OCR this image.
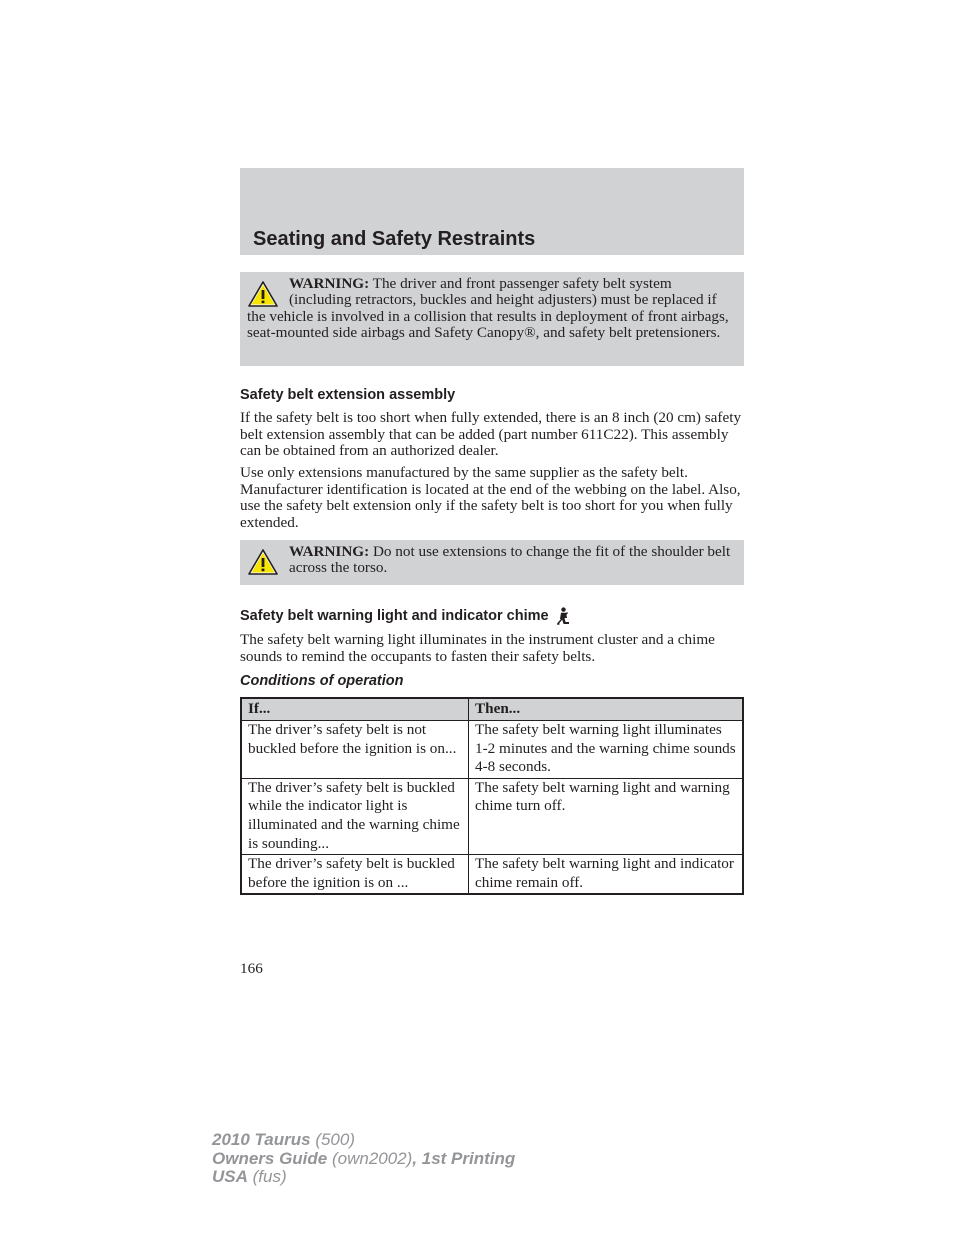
Seating and Safety Restraints
WARNING: The driver and front passenger safety belt system (including retractors, buckles and height adjusters) must be replaced if the vehicle is involved in a collision that results in deployment of front airbags, seat-mounted side airbags and Safety Canopy®, and safety belt pretensioners.
Safety belt extension assembly

If the safety belt is too short when fully extended, there is an 8 inch (20 cm) safety belt extension assembly that can be added (part number 611C22). This assembly can be obtained from an authorized dealer.

Use only extensions manufactured by the same supplier as the safety belt. Manufacturer identification is located at the end of the webbing on the label. Also, use the safety belt extension only if the safety belt is too short for you when fully extended.

WARNING: Do not use extensions to change the fit of the shoulder belt across the torso.
Safety belt warning light and indicator chime

The safety belt warning light illuminates in the instrument cluster and a chime sounds to remind the occupants to fasten their safety belts.

Conditions of operation
If...	Then...
The driver’s safety belt is not buckled before the ignition is on...	The safety belt warning light illuminates 1-2 minutes and the warning chime sounds 4-8 seconds.
The driver’s safety belt is buckled while the indicator light is illuminated and the warning chime is sounding...	The safety belt warning light and warning chime turn off.
The driver’s safety belt is buckled before the ignition is on ...	The safety belt warning light and indicator chime remain off.

166

2010 Taurus (500)
Owners Guide (own2002), 1st Printing
USA (fus)
